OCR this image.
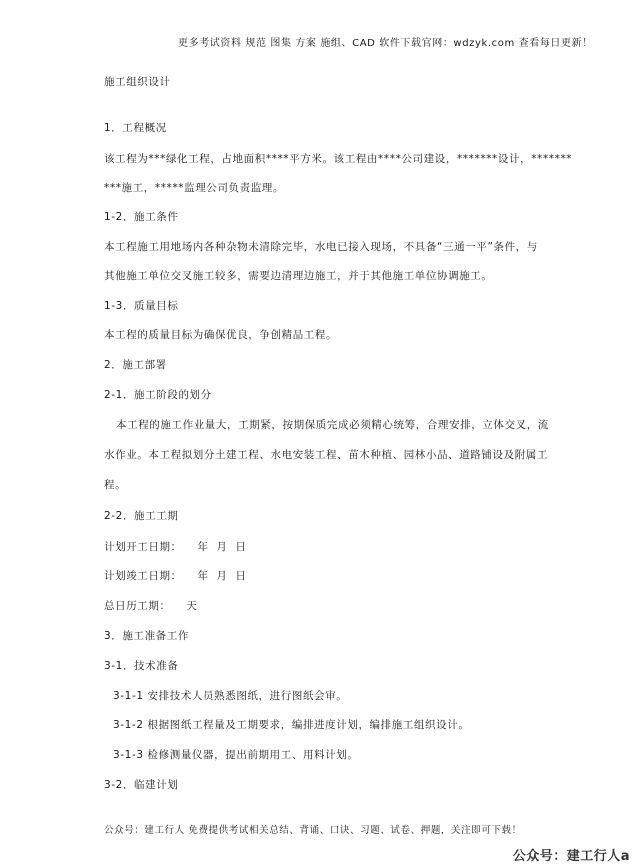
更多考试资料 规范 图集 方案 施组、CAD 软件下载官网：wdzyk.com 查看每日更新！
施工组织设计
1．工程概况
该工程为***绿化工程，占地面积****平方米。该工程由****公司建设，*******设计，*******
***施工，*****监理公司负责监理。
1-2．施工条件
本工程施工用地场内各种杂物未清除完毕，水电已接入现场，不具备“三通一平”条件，与
其他施工单位交叉施工较多，需要边清理边施工，并于其他施工单位协调施工。
1-3．质量目标
本工程的质量目标为确保优良，争创精品工程。
2．施工部署
2-1．施工阶段的划分
本工程的施工作业量大，工期紧，按期保质完成必须精心统筹，合理安排，立体交叉，流
水作业。本工程拟划分土建工程、水电安装工程、苗木种植、园林小品、道路铺设及附属工
程。
2-2．施工工期
计划开工日期：    年  月  日
计划竣工日期：    年  月  日
总日历工期：    天
3．施工准备工作
3-1．技术准备
3-1-1 安排技术人员熟悉图纸，进行图纸会审。
3-1-2 根据图纸工程量及工期要求，编排进度计划，编排施工组织设计。
3-1-3 检修测量仪器，提出前期用工、用料计划。
3-2．临建计划
公众号：建工行人 免费提供考试相关总结、背诵、口诀、习题、试卷、押题，关注即可下载！
公众号：建工行人a
